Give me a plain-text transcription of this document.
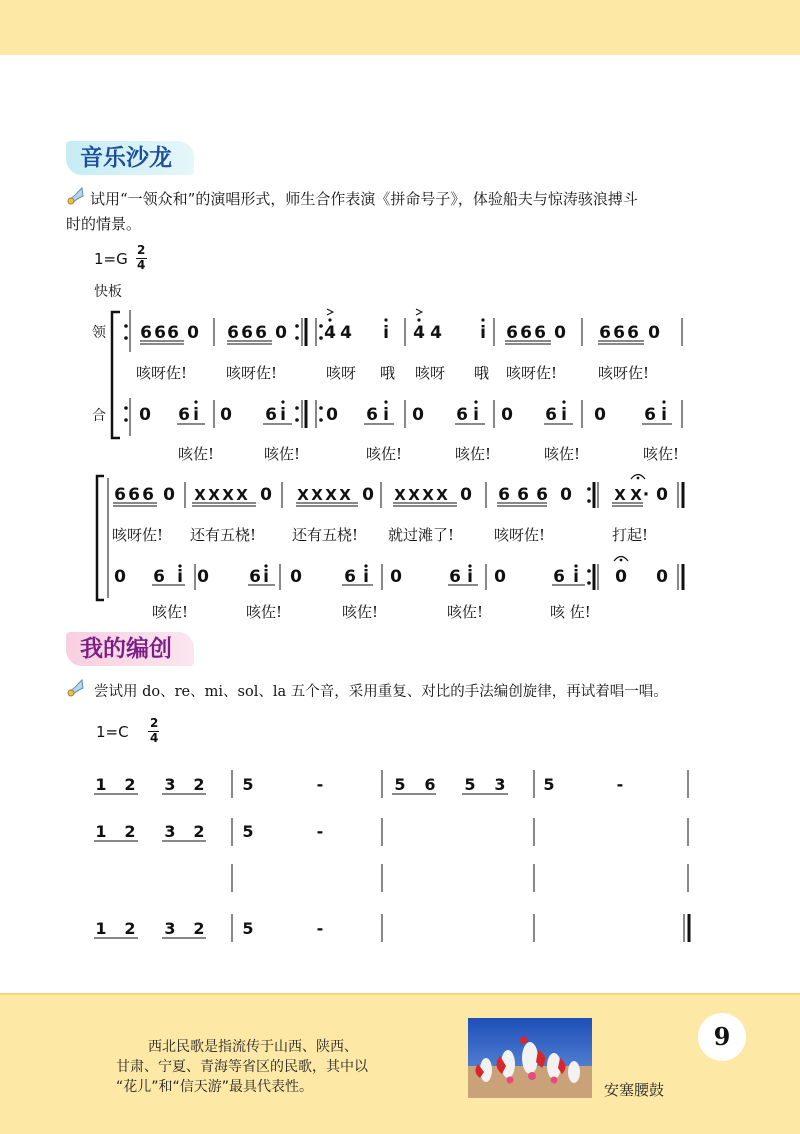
音乐沙龙
试用“一领众和”的演唱形式，师生合作表演《拼命号子》，体验船夫与惊涛骇浪搏斗
时的情景。
1=G 2
4
快板
领
合
6 6 6 0 6 6 6 0 4 4 i 4 4 i 6 6 6 0 6 6 6 0
0 6 i 0 6 i 0 6 i 0 6 i 0 6 i 0 6 i
6 6 6 0 X X X X 0 X X X X 0 X X X X 0 6 6 6 0	X X · 0
0 6 i 0 6 i 0 6 i 0	6 i 0	6 i 0 0
咳呀佐!	咳呀佐!	咳呀 哦 咳呀 哦 咳呀佐!	咳呀佐!
咳佐!	咳佐!	咳佐!	咳佐!	咳佐!	咳佐!
咳呀佐! 还有五桡! 还有五桡! 就过滩了!	咳呀佐!	打起!
咳佐!	咳佐!	咳佐!	咳佐!	咳 佐!
我的编创
尝试用 do、re、mi、sol、la 五个音，采用重复、对比的手法编创旋律，再试着唱一唱。
1=C 2
4
1 2 3 2 5	-	5 6 5 3 5	-
1 2 3 2 5	-
1 2 3 2 5	-
西北民歌是指流传于山西、陕西、
甘肃、宁夏、青海等省区的民歌，其中以
“花儿”和“信天游”最具代表性。	安塞腰鼓
9
